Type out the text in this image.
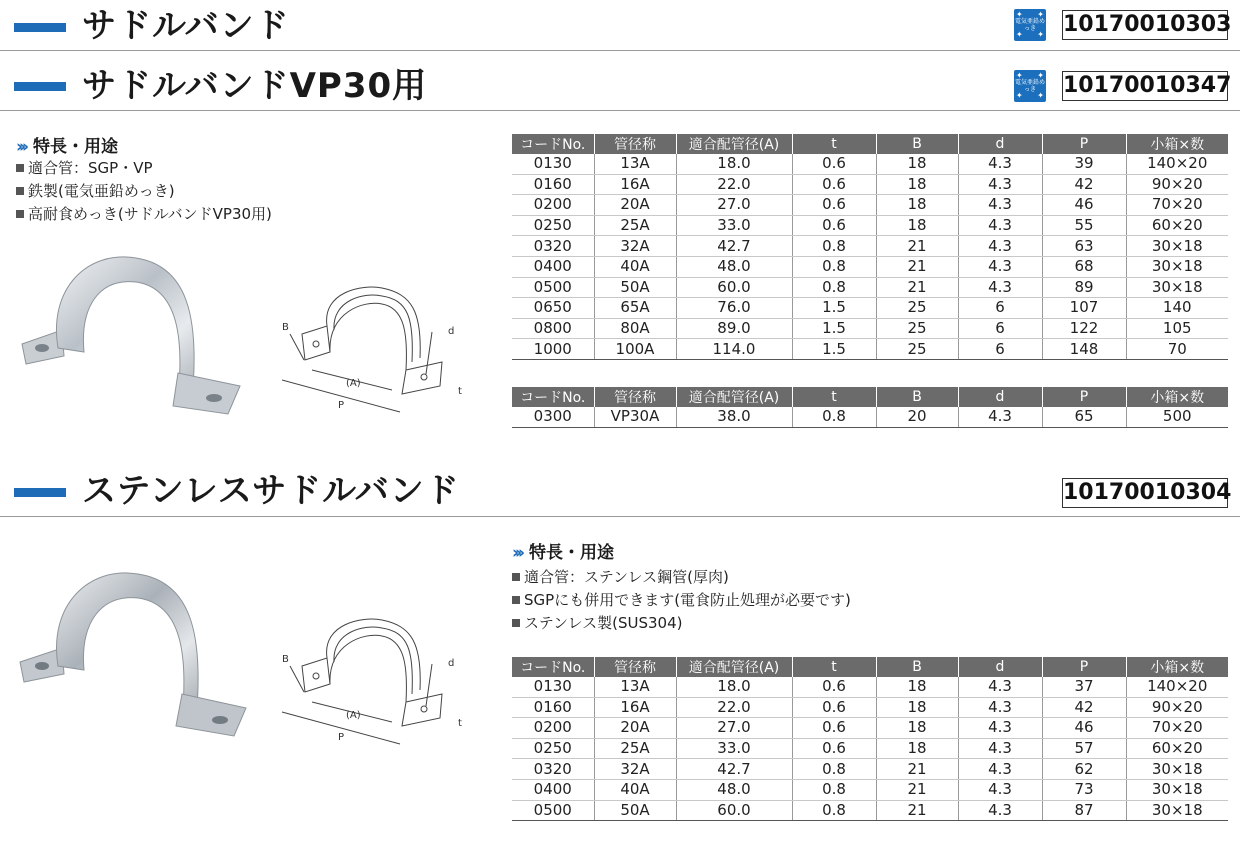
サドルバンド	✦ ✦
✦ ✦
電気亜鉛めっき	10170010303
サドルバンドVP30用	✦ ✦
✦ ✦
電気亜鉛めっき	10170010347
››› 特長・用途
適合管：SGP・VP
鉄製(電気亜鉛めっき)
高耐食めっき(サドルバンドVP30用)
B	d
(A)
P
t
コードNo.	管径称	適合配管径(A)	t	B	d	P	小箱×数
0130	13A	18.0	0.6	18	4.3	39	140×20
0160	16A	22.0	0.6	18	4.3	42	90×20
0200	20A	27.0	0.6	18	4.3	46	70×20
0250	25A	33.0	0.6	18	4.3	55	60×20
0320	32A	42.7	0.8	21	4.3	63	30×18
0400	40A	48.0	0.8	21	4.3	68	30×18
0500	50A	60.0	0.8	21	4.3	89	30×18
0650	65A	76.0	1.5	25	6	107	140
0800	80A	89.0	1.5	25	6	122	105
1000	100A	114.0	1.5	25	6	148	70
コードNo.	管径称	適合配管径(A)	t	B	d	P	小箱×数
0300	VP30A	38.0	0.8	20	4.3	65	500
ステンレスサドルバンド	10170010304
››› 特長・用途
適合管：ステンレス鋼管(厚肉)
SGPにも併用できます(電食防止処理が必要です)
ステンレス製(SUS304)
B	d
(A)
P
t
コードNo.	管径称	適合配管径(A)	t	B	d	P	小箱×数
0130	13A	18.0	0.6	18	4.3	37	140×20
0160	16A	22.0	0.6	18	4.3	42	90×20
0200	20A	27.0	0.6	18	4.3	46	70×20
0250	25A	33.0	0.6	18	4.3	57	60×20
0320	32A	42.7	0.8	21	4.3	62	30×18
0400	40A	48.0	0.8	21	4.3	73	30×18
0500	50A	60.0	0.8	21	4.3	87	30×18
